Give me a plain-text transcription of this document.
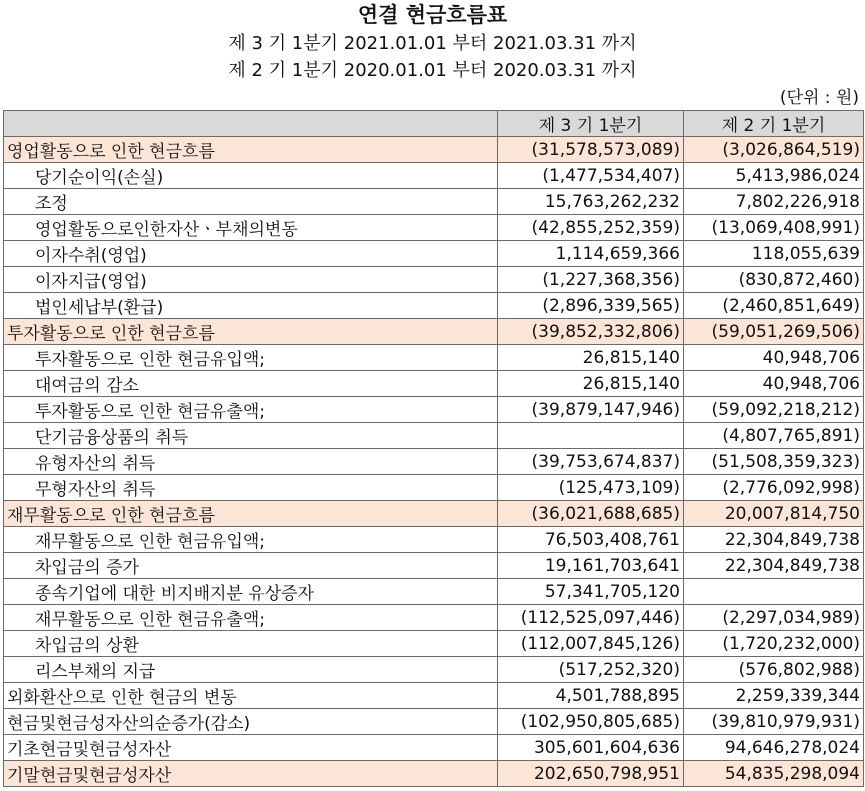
연결 현금흐름표
제 3 기 1분기 2021.01.01 부터 2021.03.31 까지
제 2 기 1분기 2020.01.01 부터 2020.03.31 까지
(단위 : 원)
	제 3 기 1분기	제 2 기 1분기
영업활동으로 인한 현금흐름	(31,578,573,089)	(3,026,864,519)
당기순이익(손실)	(1,477,534,407)	5,413,986,024
조정	15,763,262,232	7,802,226,918
영업활동으로인한자산ㆍ부채의변동	(42,855,252,359)	(13,069,408,991)
이자수취(영업)	1,114,659,366	118,055,639
이자지급(영업)	(1,227,368,356)	(830,872,460)
법인세납부(환급)	(2,896,339,565)	(2,460,851,649)
투자활동으로 인한 현금흐름	(39,852,332,806)	(59,051,269,506)
투자활동으로 인한 현금유입액;	26,815,140	40,948,706
대여금의 감소	26,815,140	40,948,706
투자활동으로 인한 현금유출액;	(39,879,147,946)	(59,092,218,212)
단기금융상품의 취득		(4,807,765,891)
유형자산의 취득	(39,753,674,837)	(51,508,359,323)
무형자산의 취득	(125,473,109)	(2,776,092,998)
재무활동으로 인한 현금흐름	(36,021,688,685)	20,007,814,750
재무활동으로 인한 현금유입액;	76,503,408,761	22,304,849,738
차입금의 증가	19,161,703,641	22,304,849,738
종속기업에 대한 비지배지분 유상증자	57,341,705,120	
재무활동으로 인한 현금유출액;	(112,525,097,446)	(2,297,034,989)
차입금의 상환	(112,007,845,126)	(1,720,232,000)
리스부채의 지급	(517,252,320)	(576,802,988)
외화환산으로 인한 현금의 변동	4,501,788,895	2,259,339,344
현금및현금성자산의순증가(감소)	(102,950,805,685)	(39,810,979,931)
기초현금및현금성자산	305,601,604,636	94,646,278,024
기말현금및현금성자산	202,650,798,951	54,835,298,094
